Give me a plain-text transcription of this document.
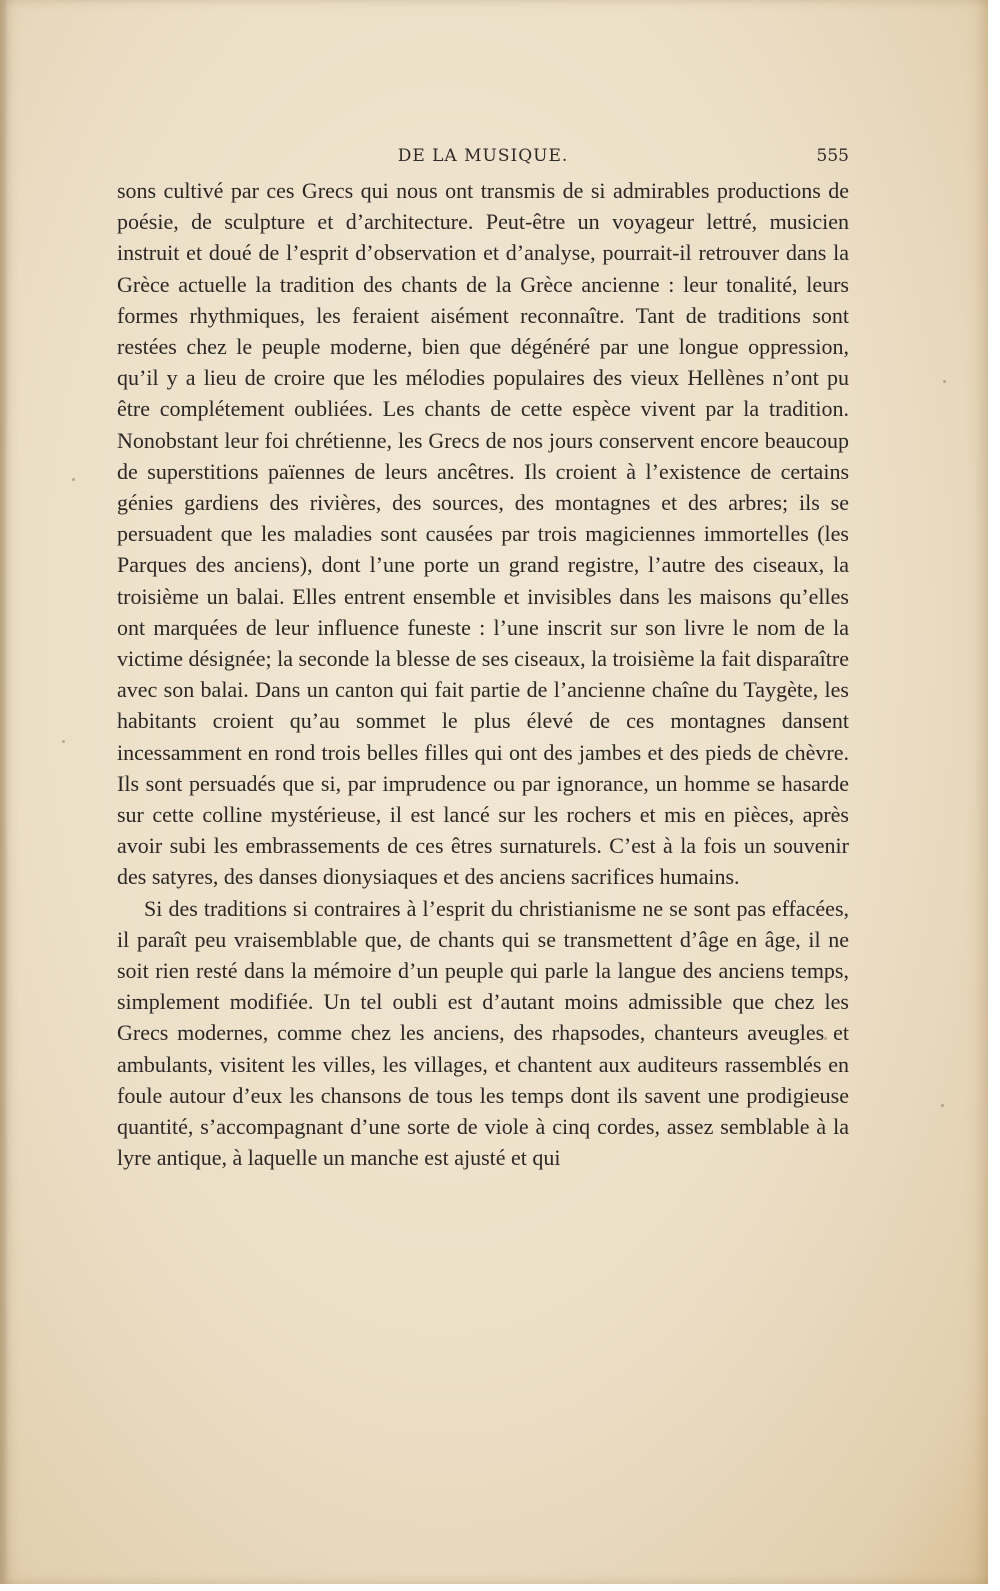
DE LA MUSIQUE.	555

sons cultivé par ces Grecs qui nous ont transmis de si admirables productions de poésie, de sculpture et d’architecture. Peut-être un voyageur lettré, musicien instruit et doué de l’esprit d’observation et d’analyse, pourrait-il retrouver dans la Grèce actuelle la tradition des chants de la Grèce ancienne : leur tonalité, leurs formes rhythmiques, les feraient aisément reconnaître. Tant de traditions sont restées chez le peuple moderne, bien que dégénéré par une longue oppression, qu’il y a lieu de croire que les mélodies populaires des vieux Hellènes n’ont pu être complétement oubliées. Les chants de cette espèce vivent par la tradition. Nonobstant leur foi chrétienne, les Grecs de nos jours conservent encore beaucoup de superstitions païennes de leurs ancêtres. Ils croient à l’existence de certains génies gardiens des rivières, des sources, des montagnes et des arbres; ils se persuadent que les maladies sont causées par trois magiciennes immortelles (les Parques des anciens), dont l’une porte un grand registre, l’autre des ciseaux, la troisième un balai. Elles entrent ensemble et invisibles dans les maisons qu’elles ont marquées de leur influence funeste : l’une inscrit sur son livre le nom de la victime désignée; la seconde la blesse de ses ciseaux, la troisième la fait disparaître avec son balai. Dans un canton qui fait partie de l’ancienne chaîne du Taygète, les habitants croient qu’au sommet le plus élevé de ces montagnes dansent incessamment en rond trois belles filles qui ont des jambes et des pieds de chèvre. Ils sont persuadés que si, par imprudence ou par ignorance, un homme se hasarde sur cette colline mystérieuse, il est lancé sur les rochers et mis en pièces, après avoir subi les embrassements de ces êtres surnaturels. C’est à la fois un souvenir des satyres, des danses dionysiaques et des anciens sacrifices humains.

Si des traditions si contraires à l’esprit du christianisme ne se sont pas effacées, il paraît peu vraisemblable que, de chants qui se transmettent d’âge en âge, il ne soit rien resté dans la mémoire d’un peuple qui parle la langue des anciens temps, simplement modifiée. Un tel oubli est d’autant moins admissible que chez les Grecs modernes, comme chez les anciens, des rhapsodes, chanteurs aveugles et ambulants, visitent les villes, les villages, et chantent aux auditeurs rassemblés en foule autour d’eux les chansons de tous les temps dont ils savent une prodigieuse quantité, s’accompagnant d’une sorte de viole à cinq cordes, assez semblable à la lyre antique, à laquelle un manche est ajusté et qui
